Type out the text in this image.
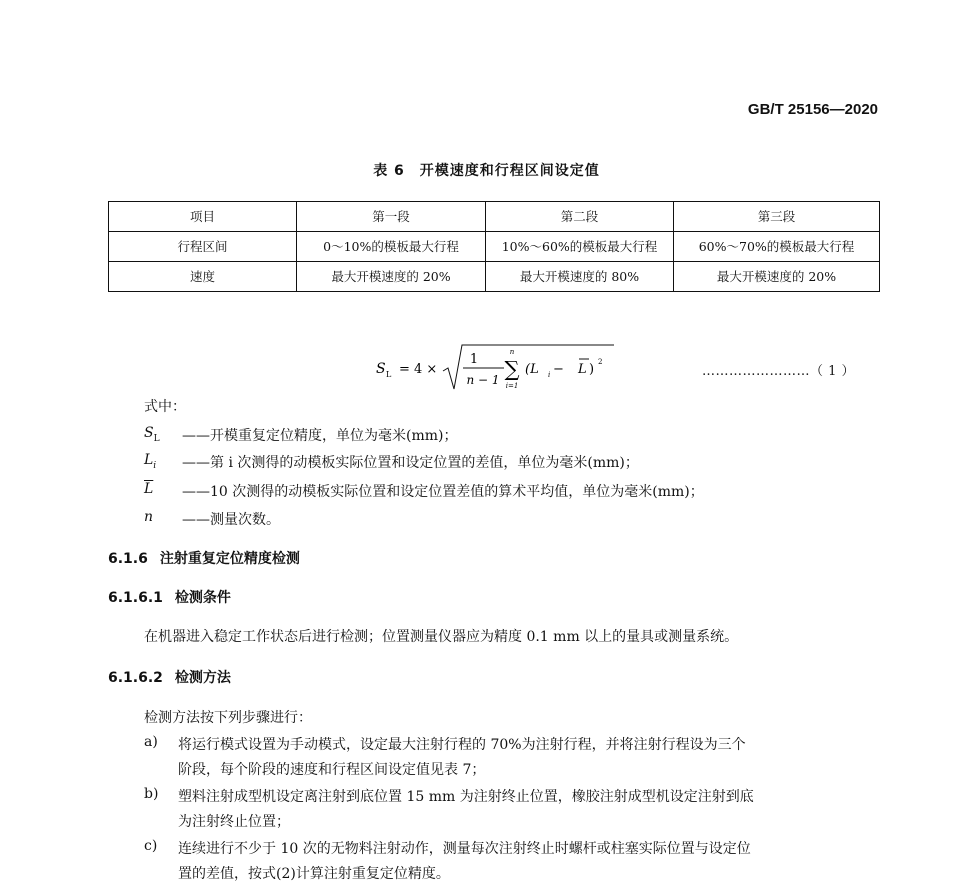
GB/T 25156—2020
表 6　开模速度和行程区间设定值
项目	第一段	第二段	第三段
行程区间	0～10%的模板最大行程	10%～60%的模板最大行程	60%～70%的模板最大行程
速度	最大开模速度的 20%	最大开模速度的 80%	最大开模速度的 20%
S L = 4 ×
1
n − 1
n
∑
i=1
(L i − L ) 2
……………………（ 1 ）
式中：
$S_L$ ——开模重复定位精度，单位为毫米(mm)；
$L_i$ ——第 i 次测得的动模板实际位置和设定位置的差值，单位为毫米(mm)；
$\overline{L}$ ——10 次测得的动模板实际位置和设定位置差值的算术平均值，单位为毫米(mm)；
n ——测量次数。
6.1.6 注射重复定位精度检测
6.1.6.1 检测条件
在机器进入稳定工作状态后进行检测；位置测量仪器应为精度 0.1 mm 以上的量具或测量系统。
6.1.6.2 检测方法
检测方法按下列步骤进行：
a) 将运行模式设置为手动模式，设定最大注射行程的 70%为注射行程，并将注射行程设为三个
阶段，每个阶段的速度和行程区间设定值见表 7；
b) 塑料注射成型机设定离注射到底位置 15 mm 为注射终止位置，橡胶注射成型机设定注射到底
为注射终止位置；
c) 连续进行不少于 10 次的无物料注射动作，测量每次注射终止时螺杆或柱塞实际位置与设定位
置的差值，按式(2)计算注射重复定位精度。
